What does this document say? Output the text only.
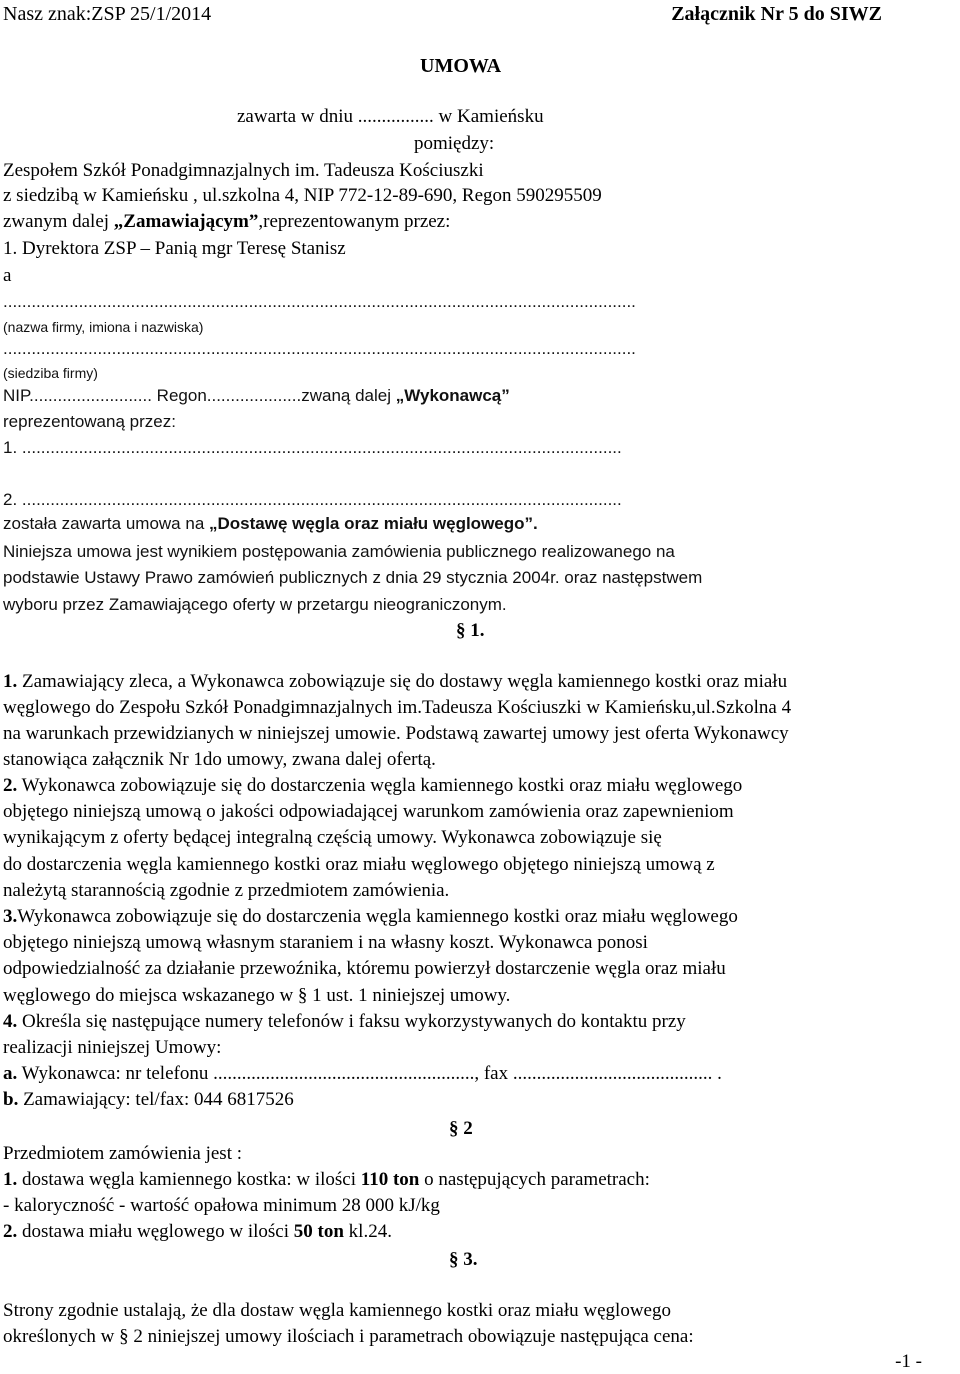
Nasz znak:ZSP 25/1/2014	Załącznik Nr 5 do SIWZ
UMOWA
zawarta w dniu ................ w Kamieńsku
pomiędzy:
Zespołem Szkół Ponadgimnazjalnych im. Tadeusza Kościuszki
z siedzibą w Kamieńsku , ul.szkolna 4, NIP 772-12-89-690, Regon 590295509
zwanym dalej „Zamawiającym”,reprezentowanym przez:
1. Dyrektora ZSP – Panią mgr Teresę Stanisz
a
......................................................................................................................................
(nazwa firmy, imiona i nazwiska)
......................................................................................................................................
(siedziba firmy)
NIP.......................... Regon....................zwaną dalej „Wykonawcą”
reprezentowaną przez:
1. ...............................................................................................................................
2. ...............................................................................................................................
została zawarta umowa na „Dostawę węgla oraz miału węglowego”.
Niniejsza umowa jest wynikiem postępowania zamówienia publicznego realizowanego na
podstawie Ustawy Prawo zamówień publicznych z dnia 29 stycznia 2004r. oraz następstwem
wyboru przez Zamawiającego oferty w przetargu nieograniczonym.
§ 1.
1. Zamawiający zleca, a Wykonawca zobowiązuje się do dostawy węgla kamiennego kostki oraz miału
węglowego do Zespołu Szkół Ponadgimnazjalnych im.Tadeusza Kościuszki w Kamieńsku,ul.Szkolna 4
na warunkach przewidzianych w niniejszej umowie. Podstawą zawartej umowy jest oferta Wykonawcy
stanowiąca załącznik Nr 1do umowy, zwana dalej ofertą.
2. Wykonawca zobowiązuje się do dostarczenia węgla kamiennego kostki oraz miału węglowego
objętego niniejszą umową o jakości odpowiadającej warunkom zamówienia oraz zapewnieniom
wynikającym z oferty będącej integralną częścią umowy. Wykonawca zobowiązuje się
do dostarczenia węgla kamiennego kostki oraz miału węglowego objętego niniejszą umową z
należytą starannością zgodnie z przedmiotem zamówienia.
3.Wykonawca zobowiązuje się do dostarczenia węgla kamiennego kostki oraz miału węglowego
objętego niniejszą umową własnym staraniem i na własny koszt. Wykonawca ponosi
odpowiedzialność za działanie przewoźnika, któremu powierzył dostarczenie węgla oraz miału
węglowego do miejsca wskazanego w § 1 ust. 1 niniejszej umowy.
4. Określa się następujące numery telefonów i faksu wykorzystywanych do kontaktu przy
realizacji niniejszej Umowy:
a. Wykonawca: nr telefonu ......................................................., fax .......................................... .
b. Zamawiający: tel/fax: 044 6817526
§ 2
Przedmiotem zamówienia jest :
1. dostawa węgla kamiennego kostka: w ilości 110 ton o następujących parametrach:
- kaloryczność - wartość opałowa minimum 28 000 kJ/kg
2. dostawa miału węglowego w ilości 50 ton kl.24.
§ 3.
Strony zgodnie ustalają, że dla dostaw węgla kamiennego kostki oraz miału węglowego
określonych w § 2 niniejszej umowy ilościach i parametrach obowiązuje następująca cena:
-1 -
